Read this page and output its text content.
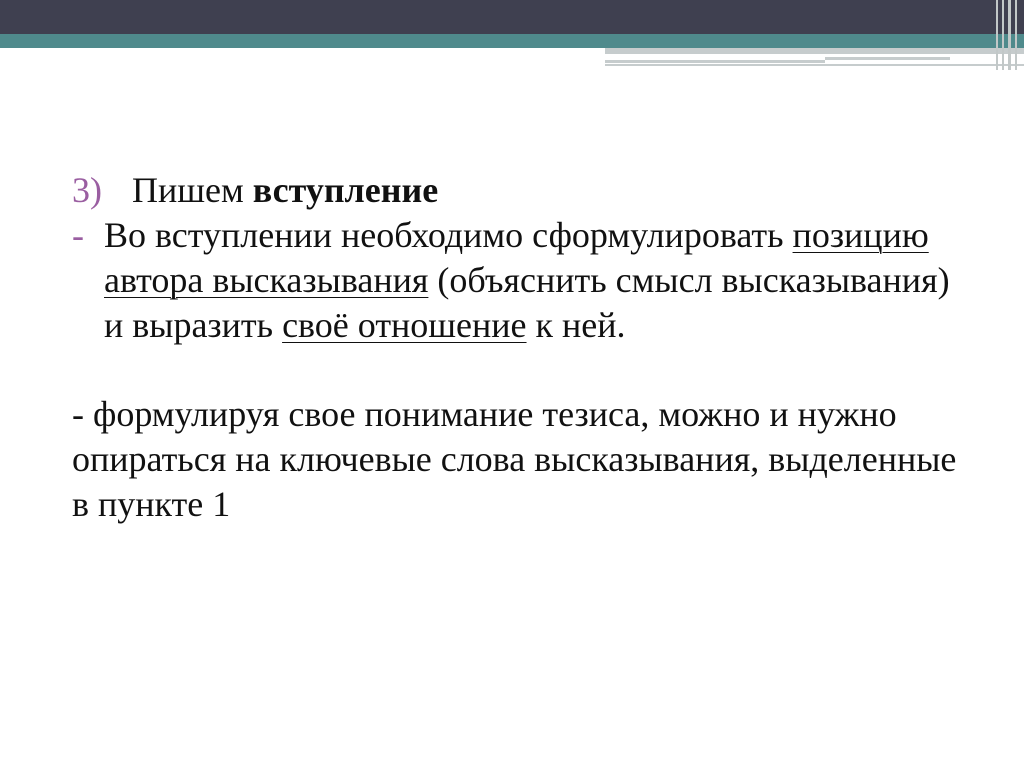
3) Пишем вступление
- Во вступлении необходимо сформулировать позицию автора высказывания (объяснить смысл высказывания) и выразить своё отношение к ней.
- формулируя свое понимание тезиса, можно и нужно опираться на ключевые слова высказывания, выделенные в пункте 1
